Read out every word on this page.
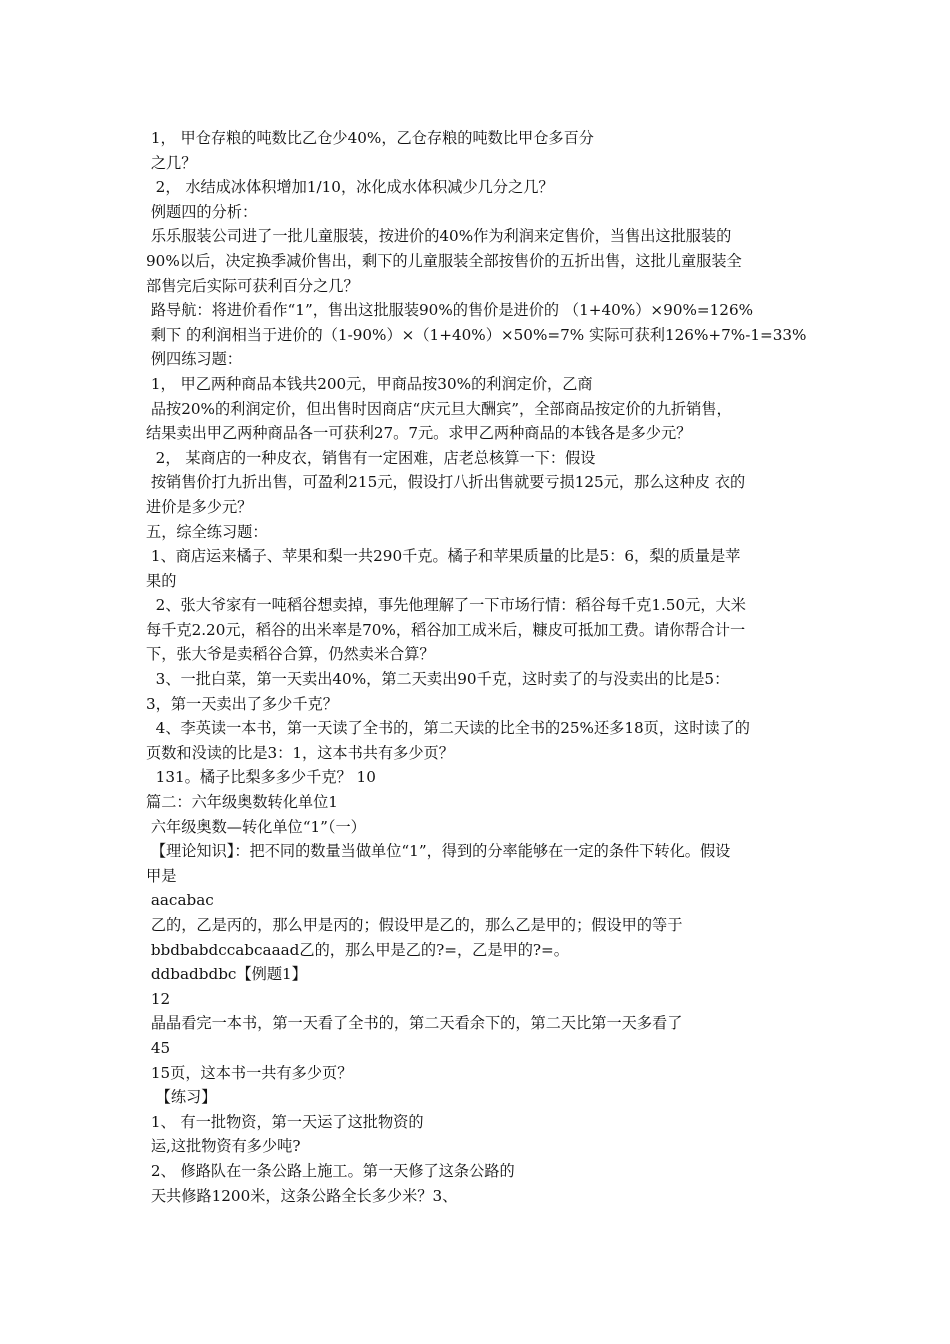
1， 甲仓存粮的吨数比乙仓少40%，乙仓存粮的吨数比甲仓多百分
之几？
2， 水结成冰体积增加1/10，冰化成水体积减少几分之几？
例题四的分析：
乐乐服装公司进了一批儿童服装，按进价的40%作为利润来定售价，当售出这批服装的
90%以后，决定换季减价售出，剩下的儿童服装全部按售价的五折出售，这批儿童服装全
部售完后实际可获利百分之几？
路导航：将进价看作“1”，售出这批服装90%的售价是进价的 （1+40%）×90%=126%
剩下 的利润相当于进价的（1-90%）×（1+40%）×50%=7% 实际可获利126%+7%-1=33%
例四练习题：
1， 甲乙两种商品本钱共200元，甲商品按30%的利润定价，乙商
品按20%的利润定价，但出售时因商店“庆元旦大酬宾”，全部商品按定价的九折销售，
结果卖出甲乙两种商品各一可获利27。7元。求甲乙两种商品的本钱各是多少元？
2， 某商店的一种皮衣，销售有一定困难，店老总核算一下：假设
按销售价打九折出售，可盈利215元，假设打八折出售就要亏损125元，那么这种皮 衣的
进价是多少元？
五，综全练习题：
1、商店运来橘子、苹果和梨一共290千克。橘子和苹果质量的比是5：6，梨的质量是苹
果的
2、张大爷家有一吨稻谷想卖掉，事先他理解了一下市场行情：稻谷每千克1.50元，大米
每千克2.20元，稻谷的出米率是70%，稻谷加工成米后，糠皮可抵加工费。请你帮合计一
下，张大爷是卖稻谷合算，仍然卖米合算？
3、一批白菜，第一天卖出40%，第二天卖出90千克，这时卖了的与没卖出的比是5：
3，第一天卖出了多少千克？
4、李英读一本书，第一天读了全书的，第二天读的比全书的25%还多18页，这时读了的
页数和没读的比是3：1，这本书共有多少页？
131。橘子比梨多多少千克？ 10
篇二：六年级奥数转化单位1
六年级奥数—转化单位“1”（一）
【理论知识】：把不同的数量当做单位“1”，得到的分率能够在一定的条件下转化。假设
甲是
aacabac
乙的，乙是丙的，那么甲是丙的；假设甲是乙的，那么乙是甲的；假设甲的等于
bbdbabdccabcaaad乙的，那么甲是乙的?=，乙是甲的?=。
ddbadbdbc【例题1】
12
晶晶看完一本书，第一天看了全书的，第二天看余下的，第二天比第一天多看了
45
15页，这本书一共有多少页？
【练习】
1、 有一批物资，第一天运了这批物资的
运,这批物资有多少吨?
2、 修路队在一条公路上施工。第一天修了这条公路的
天共修路1200米，这条公路全长多少米？3、
